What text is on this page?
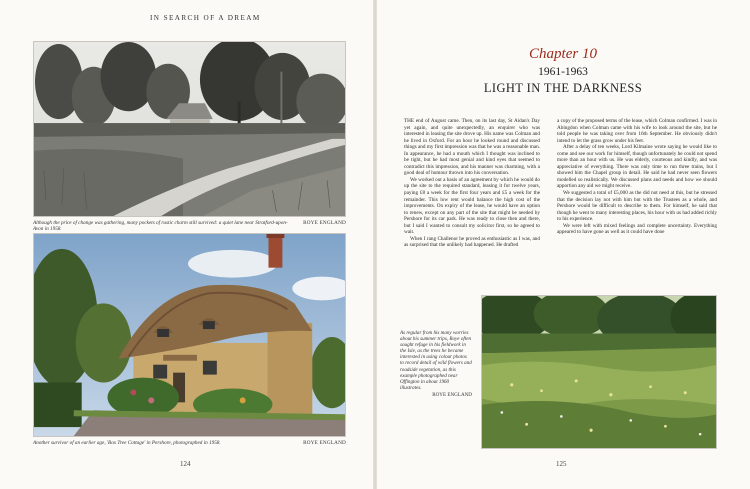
IN SEARCH OF A DREAM
Although the price of change was gathering, many pockets of rustic charm still survived: a quiet lane near Stratford-upon-Avon in 1958.
ROYE ENGLAND
Another survivor of an earlier age, 'Box Tree Cottage' in Pershore, photographed in 1958.	ROYE ENGLAND
124
Chapter 10
1961-1963
LIGHT IN THE DARKNESS

THE end of August came. Then, on its last day, St Aidan's Day yet again, and quite unexpectedly, an enquirer who was interested in leasing the site drove up. His name was Colman and he lived in Oxford. For an hour he looked round and discussed things and my first impression was that he was a reasonable man. In appearance, he had a mouth which I thought was inclined to be tight, but he had most genial and kind eyes that seemed to contradict this impression, and his manner was charming, with a good deal of humour thrown into his conversation.

We worked out a basis of an agreement by which he would do up the site to the required standard, leasing it for twelve years, paying £8 a week for the first four years and £5 a week for the remainder. This low rent would balance the high cost of the improvements. On expiry of the lease, he would have an option to renew, except on any part of the site that might be needed by Pershore for its car park. He was ready to close then and there, but I said I wanted to consult my solicitor first, so he agreed to wait.

When I rang Challenor he proved as enthusiastic as I was, and as surprised that the unlikely had happened. He drafted

a copy of the proposed terms of the lease, which Colman confirmed. I was in Abingdon when Colman came with his wife to look around the site, but he told people he was taking over from 16th September. He obviously didn't intend to let the grass grow under his feet.

After a delay of ten weeks, Lord Kilmaine wrote saying he would like to come and see our work for himself, though unfortunately he could not spend more than an hour with us. He was elderly, courteous and kindly, and was appreciative of everything. There was only time to run three trains, but I showed him the Chapel group in detail. He said he had never seen flowers modelled so realistically. We discussed plans and needs and how we should apportion any aid we might receive.

We suggested a total of £5,000 as the did not need at this, but he stressed that the decision lay not with him but with the Trustees as a whole, and Pershore would be difficult to describe to them. For himself, he said that though he went to many interesting places, his hour with us had added richly to his experience.

We were left with mixed feelings and complete uncertainty. Everything appeared to have gone as well as it could have done

As regular from his many worries about his summer trips, Roye often sought refuge in his fieldwork in the Isle, as the trees he became interested in using colour photos to record detail of wild flowers and roadside vegetation, as this example photographed near Offington in about 1960 illustrates.
ROYE ENGLAND
125
